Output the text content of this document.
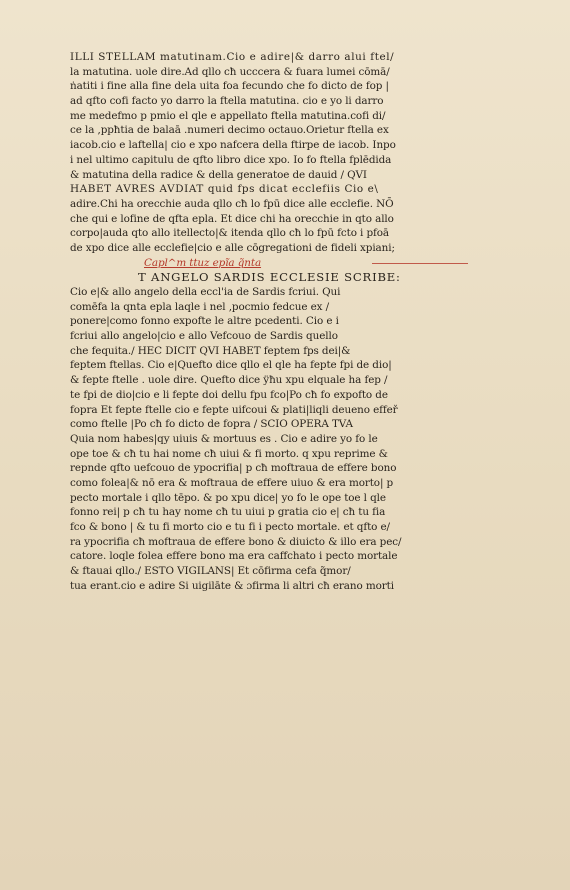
ILLI STELLAM matutinam.Cio e adire|& darro alui ftel/
la matutina. uole dire.Ad qllo cħ ucccera & fuara lumei cōmā/
ṅatiti i fine alla fine dela uita foa fecundo che fo dicto de fop |
ad qfto cofi facto yo darro la ftella matutina. cio e yo li darro
me medefmo p pmio el qle e appellato ftella matutina.cofi di/
ce la ,ppħtia de balaā .numeri decimo octauo.Orietur ftella ex
iacob.cio e laftella| cio e xpo nafcera della ftirpe de iacob. Inpo
i nel ultimo capitulu de qfto libro dice xpo. Io fo ftella fplēdida
& matutina della radice & della generatoe de dauid / QVI
HABET AVRES AVDIAT quid fps dicat ecclefiis Cio e\
adire.Chi ha orecchie auda qllo cħ lo fpū dice alle ecclefie. NŌ
che qui e lofine de qfta epla. Et dice chi ha orecchie in qto allo
corpo|auda qto allo itellecto|& itenda qllo cħ lo fpū fcto i pfoā
de xpo dice alle ecclefie|cio e alle cōgregationi de fideli xpiani;
Capl^m ttuz epĩa q̃nta
T ANGELO SARDIS ECCLESIE SCRIBE:
Cio e|& allo angelo della eccl'ia de Sardis fcriui. Qui
comēfa la qnta epla laqle i nel ,pocmio fedcue ex /
ponere|como fonno expofte le altre pcedenti. Cio e i
fcriui allo angelo|cio e allo Vefcouo de Sardis quello
che fequita./ HEC DICIT QVI HABET feptem fps dei|&
feptem ftellas. Cio e|Quefto dice qllo el qle ha fepte fpi de dio|
& fepte ftelle . uole dire. Quefto dice ÿħu xpu elquale ha fep /
te fpi de dio|cio e li fepte doi dellu fpu fco|Po cħ fo expofto de
fopra Et fepte ftelle cio e fepte uifcoui & plati|liqli deueno effeř
como ftelle |Po cħ fo dicto de fopra / SCIO OPERA TVA
Quia nom habes|qy uiuis & mortuus es . Cio e adire yo fo le
ope toe & cħ tu hai nome cħ uiui & fi morto. q xpu reprime &
repnde qfto uefcouo de ypocrifia| p cħ moftraua de effere bono
como folea|& nō era & moftraua de effere uiuo & era morto| p
pecto mortale i qllo tēpo. & po xpu dice| yo fo le ope toe l qle
fonno rei| p cħ tu hay nome cħ tu uiui p gratia cio e| cħ tu fia
fco & bono | & tu fi morto cio e tu fi i pecto mortale. et qfto e/
ra ypocrifia cħ moftraua de effere bono & diuicto & illo era pec/
catore. loqle folea effere bono ma era caffchato i pecto mortale
& ftauai qllo./ ESTO VIGILANS| Et cōfirma cefa q̃mor/
tua erant.cio e adire Si uigilāte & ɔfirma li altri cħ erano morti
